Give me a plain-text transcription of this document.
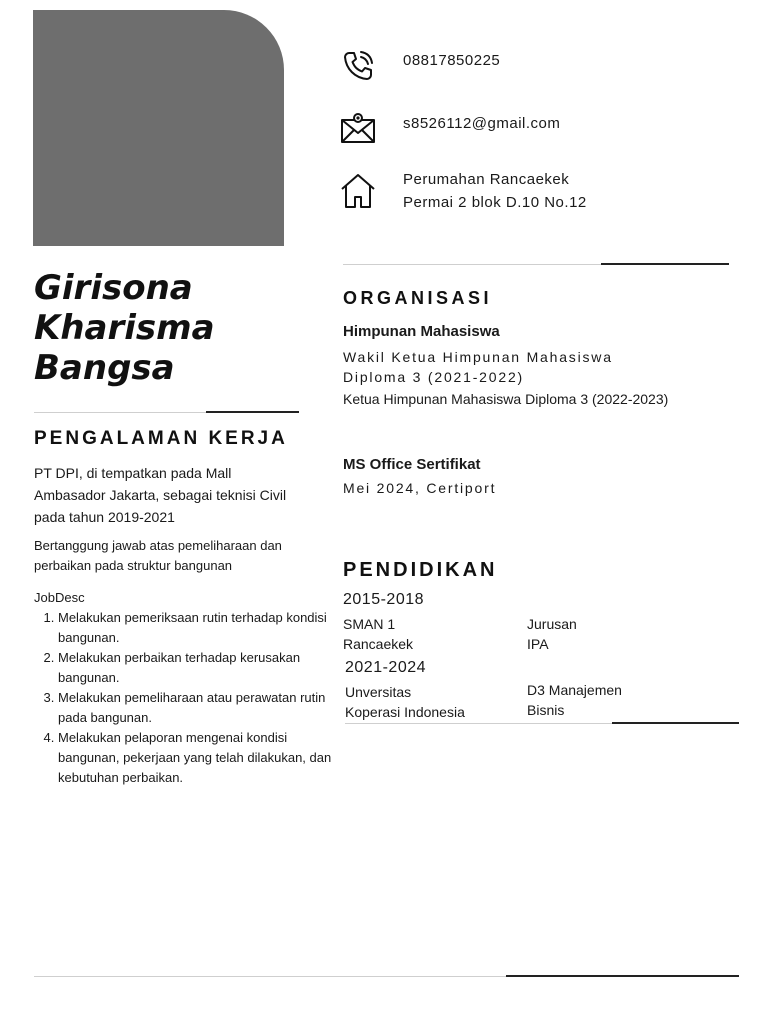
08817850225
s8526112@gmail.com
Perumahan Rancaekek
Permai 2 blok D.10 No.12
Girisona
Kharisma
Bangsa
PENGALAMAN KERJA
PT DPI, di tempatkan pada Mall Ambasador Jakarta, sebagai teknisi Civil pada tahun 2019-2021
Bertanggung jawab atas pemeliharaan dan perbaikan pada struktur bangunan
JobDesc
1. Melakukan pemeriksaan rutin terhadap kondisi bangunan.
2. Melakukan perbaikan terhadap kerusakan bangunan.
3. Melakukan pemeliharaan atau perawatan rutin pada bangunan.
4. Melakukan pelaporan mengenai kondisi bangunan, pekerjaan yang telah dilakukan, dan kebutuhan perbaikan.
ORGANISASI
Himpunan Mahasiswa
Wakil Ketua Himpunan Mahasiswa Diploma 3 (2021-2022)
Ketua Himpunan Mahasiswa Diploma 3 (2022-2023)
MS Office Sertifikat
Mei 2024, Certiport
PENDIDIKAN
2015-2018
SMAN 1
Rancaekek
Jurusan
IPA
2021-2024
Unversitas
Koperasi Indonesia
D3 Manajemen
Bisnis
